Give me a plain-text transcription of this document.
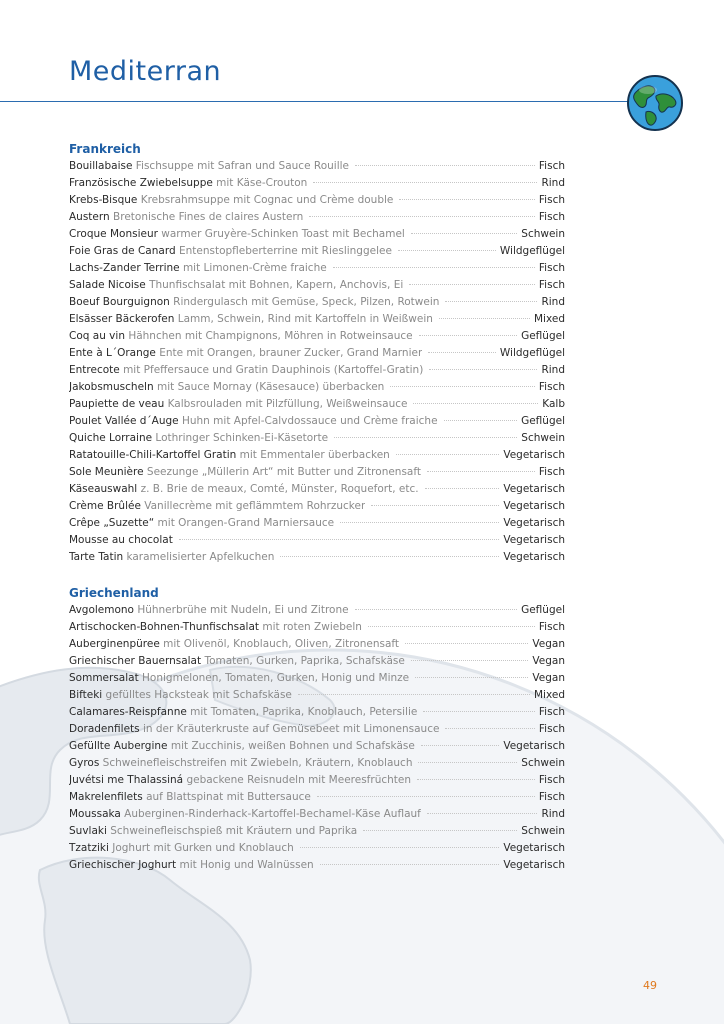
Mediterran
Frankreich
Bouillabaise Fischsuppe mit Safran und Sauce Rouille	Fisch
Französische Zwiebelsuppe mit Käse-Crouton	Rind
Krebs-Bisque Krebsrahmsuppe mit Cognac und Crème double	Fisch
Austern Bretonische Fines de claires Austern	Fisch
Croque Monsieur warmer Gruyère-Schinken Toast mit Bechamel	Schwein
Foie Gras de Canard Entenstopfleberterrine mit Rieslinggelee	Wildgeflügel
Lachs-Zander Terrine mit Limonen-Crème fraiche	Fisch
Salade Nicoise Thunfischsalat mit Bohnen, Kapern, Anchovis, Ei	Fisch
Boeuf Bourguignon Rindergulasch mit Gemüse, Speck, Pilzen, Rotwein	Rind
Elsässer Bäckerofen Lamm, Schwein, Rind mit Kartoffeln in Weißwein	Mixed
Coq au vin Hähnchen mit Champignons, Möhren in Rotweinsauce	Geflügel
Ente à L´Orange Ente mit Orangen, brauner Zucker, Grand Marnier	Wildgeflügel
Entrecote mit Pfeffersauce und Gratin Dauphinois (Kartoffel-Gratin)	Rind
Jakobsmuscheln mit Sauce Mornay (Käsesauce) überbacken	Fisch
Paupiette de veau Kalbsrouladen mit Pilzfüllung, Weißweinsauce	Kalb
Poulet Vallée d´Auge Huhn mit Apfel-Calvdossauce und Crème fraiche	Geflügel
Quiche Lorraine Lothringer Schinken-Ei-Käsetorte	Schwein
Ratatouille-Chili-Kartoffel Gratin mit Emmentaler überbacken	Vegetarisch
Sole Meunière Seezunge „Müllerin Art“ mit Butter und Zitronensaft	Fisch
Käseauswahl z. B. Brie de meaux, Comté, Münster, Roquefort, etc.	Vegetarisch
Crème Brûlée Vanillecrème mit geflämmtem Rohrzucker	Vegetarisch
Crêpe „Suzette“ mit Orangen-Grand Marniersauce	Vegetarisch
Mousse au chocolat	Vegetarisch
Tarte Tatin karamelisierter Apfelkuchen	Vegetarisch
Griechenland
Avgolemono Hühnerbrühe mit Nudeln, Ei und Zitrone	Geflügel
Artischocken-Bohnen-Thunfischsalat mit roten Zwiebeln	Fisch
Auberginenpüree mit Olivenöl, Knoblauch, Oliven, Zitronensaft	Vegan
Griechischer Bauernsalat Tomaten, Gurken, Paprika, Schafskäse	Vegan
Sommersalat Honigmelonen, Tomaten, Gurken, Honig und Minze	Vegan
Bifteki gefülltes Hacksteak mit Schafskäse	Mixed
Calamares-Reispfanne mit Tomaten, Paprika, Knoblauch, Petersilie	Fisch
Doradenfilets in der Kräuterkruste auf Gemüsebeet mit Limonensauce	Fisch
Gefüllte Aubergine mit Zucchinis, weißen Bohnen und Schafskäse	Vegetarisch
Gyros Schweinefleischstreifen mit Zwiebeln, Kräutern, Knoblauch	Schwein
Juvétsi me Thalassiná gebackene Reisnudeln mit Meeresfrüchten	Fisch
Makrelenfilets auf Blattspinat mit Buttersauce	Fisch
Moussaka Auberginen-Rinderhack-Kartoffel-Bechamel-Käse Auflauf	Rind
Suvlaki Schweinefleischspieß mit Kräutern und Paprika	Schwein
Tzatziki Joghurt mit Gurken und Knoblauch	Vegetarisch
Griechischer Joghurt mit Honig und Walnüssen	Vegetarisch
49
